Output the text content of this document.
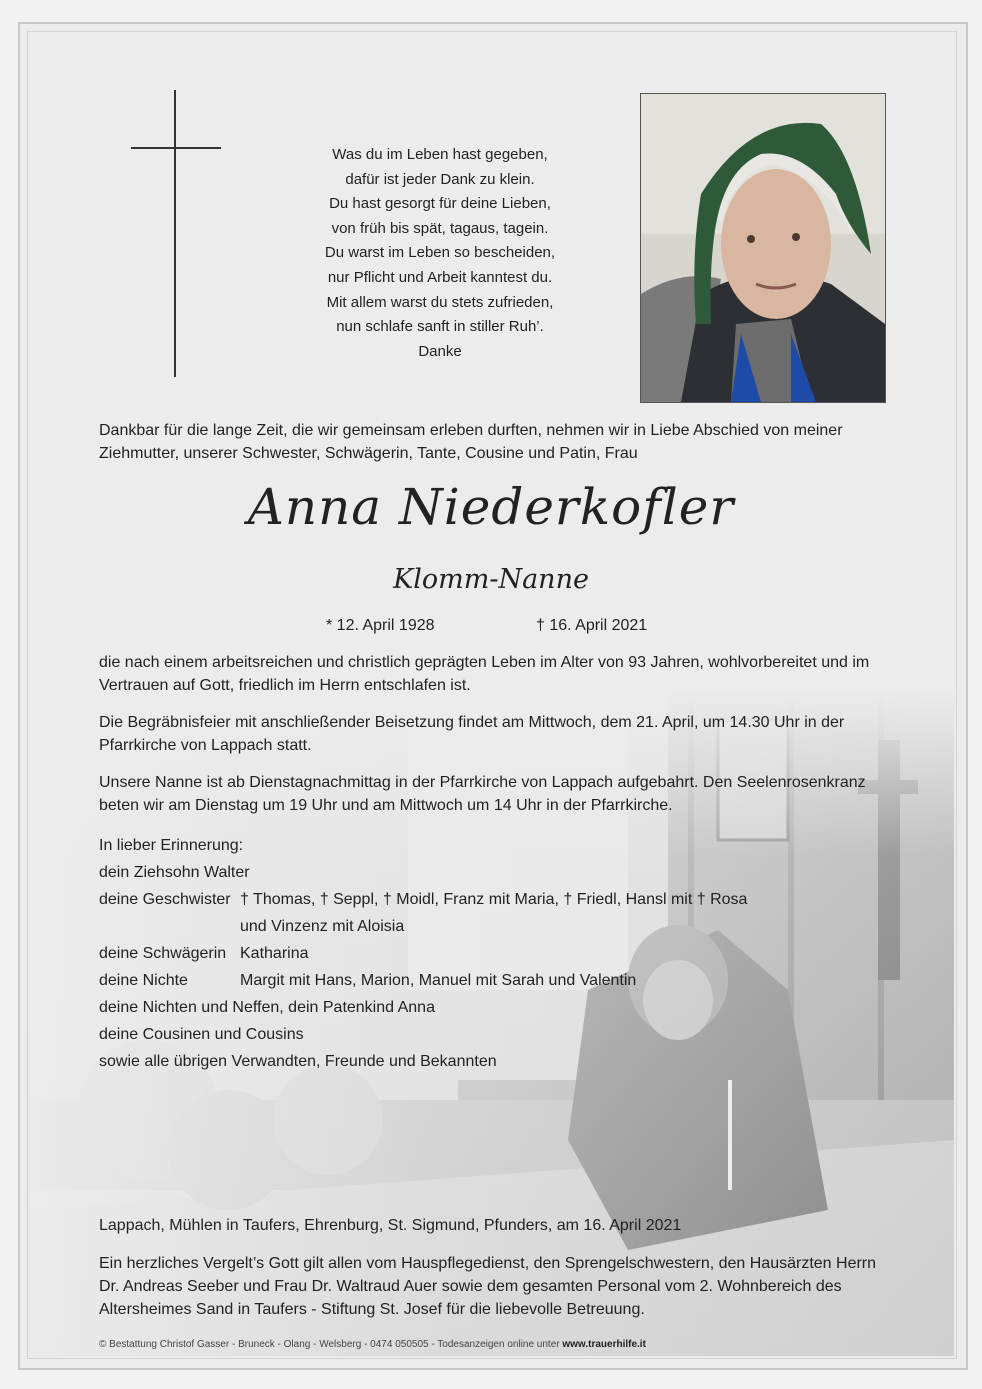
Was du im Leben hast gegeben,
dafür ist jeder Dank zu klein.
Du hast gesorgt für deine Lieben,
von früh bis spät, tagaus, tagein.
Du warst im Leben so bescheiden,
nur Pflicht und Arbeit kanntest du.
Mit allem warst du stets zufrieden,
nun schlafe sanft in stiller Ruh’.
Danke
Dankbar für die lange Zeit, die wir gemeinsam erleben durften, nehmen wir in Liebe Abschied von meiner Ziehmutter, unserer Schwester, Schwägerin, Tante, Cousine und Patin, Frau
Anna Niederkofler
Klomm-Nanne
* 12. April 1928	† 16. April 2021
die nach einem arbeitsreichen und christlich geprägten Leben im Alter von 93 Jahren, wohlvorbereitet und im Vertrauen auf Gott, friedlich im Herrn entschlafen ist.
Die Begräbnisfeier mit anschließender Beisetzung findet am Mittwoch, dem 21. April, um 14.30 Uhr in der Pfarrkirche von Lappach statt.
Unsere Nanne ist ab Dienstagnachmittag in der Pfarrkirche von Lappach aufgebahrt. Den Seelenrosenkranz beten wir am Dienstag um 19 Uhr und am Mittwoch um 14 Uhr in der Pfarrkirche.
In lieber Erinnerung:
dein Ziehsohn Walter
deine Geschwister † Thomas, † Seppl, † Moidl, Franz mit Maria, † Friedl, Hansl mit † Rosa
und Vinzenz mit Aloisia
deine Schwägerin Katharina
deine Nichte	Margit mit Hans, Marion, Manuel mit Sarah und Valentin
deine Nichten und Neffen, dein Patenkind Anna
deine Cousinen und Cousins
sowie alle übrigen Verwandten, Freunde und Bekannten
Lappach, Mühlen in Taufers, Ehrenburg, St. Sigmund, Pfunders, am 16. April 2021
Ein herzliches Vergelt’s Gott gilt allen vom Hauspflegedienst, den Sprengelschwestern, den Hausärzten Herrn Dr. Andreas Seeber und Frau Dr. Waltraud Auer sowie dem gesamten Personal vom 2. Wohnbereich des Altersheimes Sand in Taufers - Stiftung St. Josef für die liebevolle Betreuung.
© Bestattung Christof Gasser - Bruneck - Olang - Welsberg - 0474 050505 - Todesanzeigen online unter www.trauerhilfe.it
